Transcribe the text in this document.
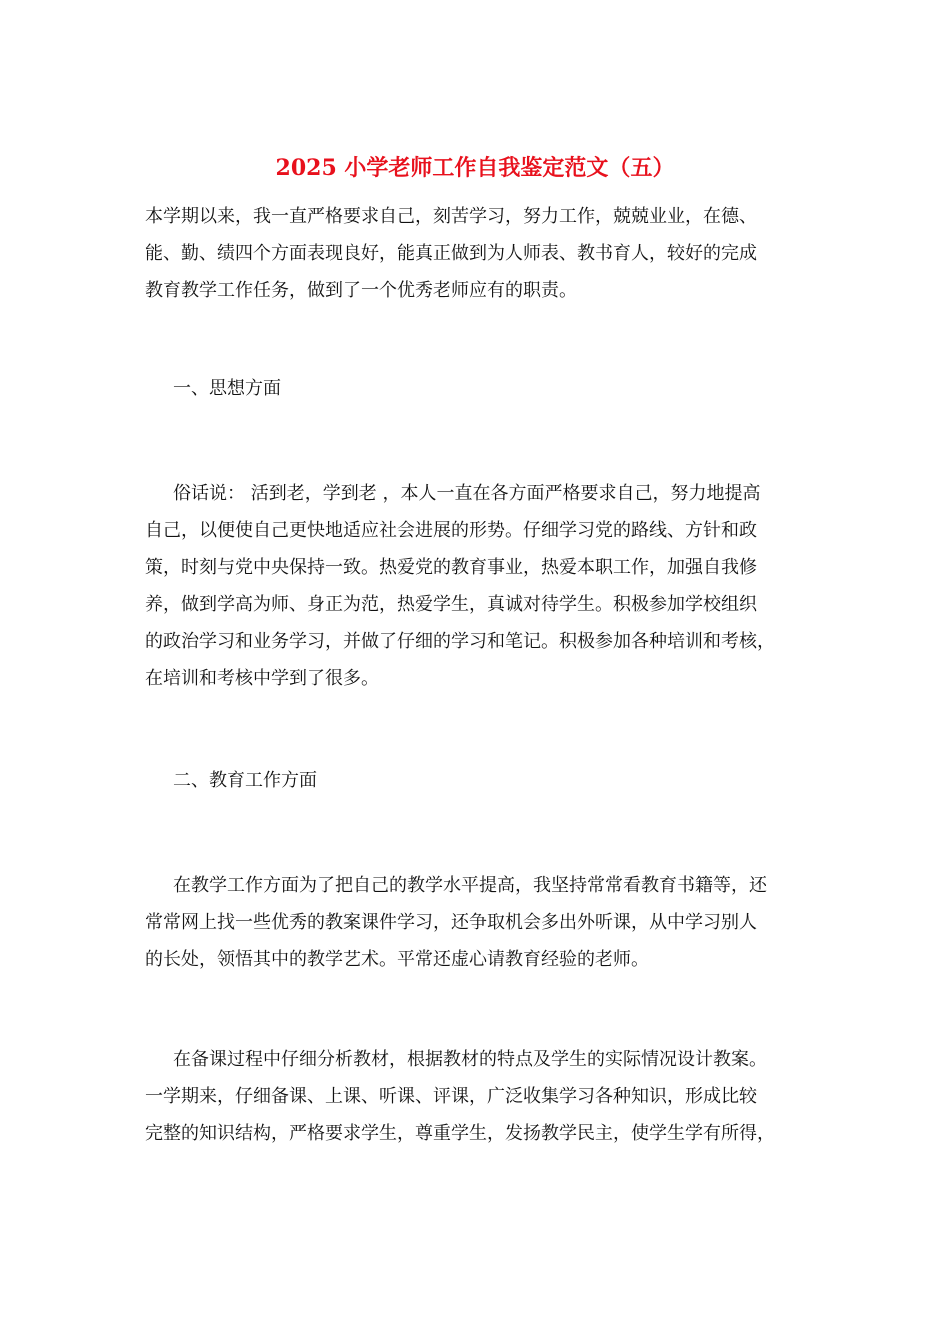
2025 小学老师工作自我鉴定范文（五）

本学期以来，我一直严格要求自己，刻苦学习，努力工作，兢兢业业，在德、
能、勤、绩四个方面表现良好，能真正做到为人师表、教书育人，较好的完成
教育教学工作任务，做到了一个优秀老师应有的职责。

一、思想方面

俗话说： 活到老，学到老 ，本人一直在各方面严格要求自己，努力地提高
自己，以便使自己更快地适应社会进展的形势。仔细学习党的路线、方针和政
策，时刻与党中央保持一致。热爱党的教育事业，热爱本职工作，加强自我修
养，做到学高为师、身正为范，热爱学生，真诚对待学生。积极参加学校组织
的政治学习和业务学习，并做了仔细的学习和笔记。积极参加各种培训和考核，
在培训和考核中学到了很多。

二、教育工作方面

在教学工作方面为了把自己的教学水平提高，我坚持常常看教育书籍等，还
常常网上找一些优秀的教案课件学习，还争取机会多出外听课，从中学习别人
的长处，领悟其中的教学艺术。平常还虚心请教育经验的老师。

在备课过程中仔细分析教材，根据教材的特点及学生的实际情况设计教案。
一学期来，仔细备课、上课、听课、评课，广泛收集学习各种知识，形成比较
完整的知识结构，严格要求学生，尊重学生，发扬教学民主，使学生学有所得，
